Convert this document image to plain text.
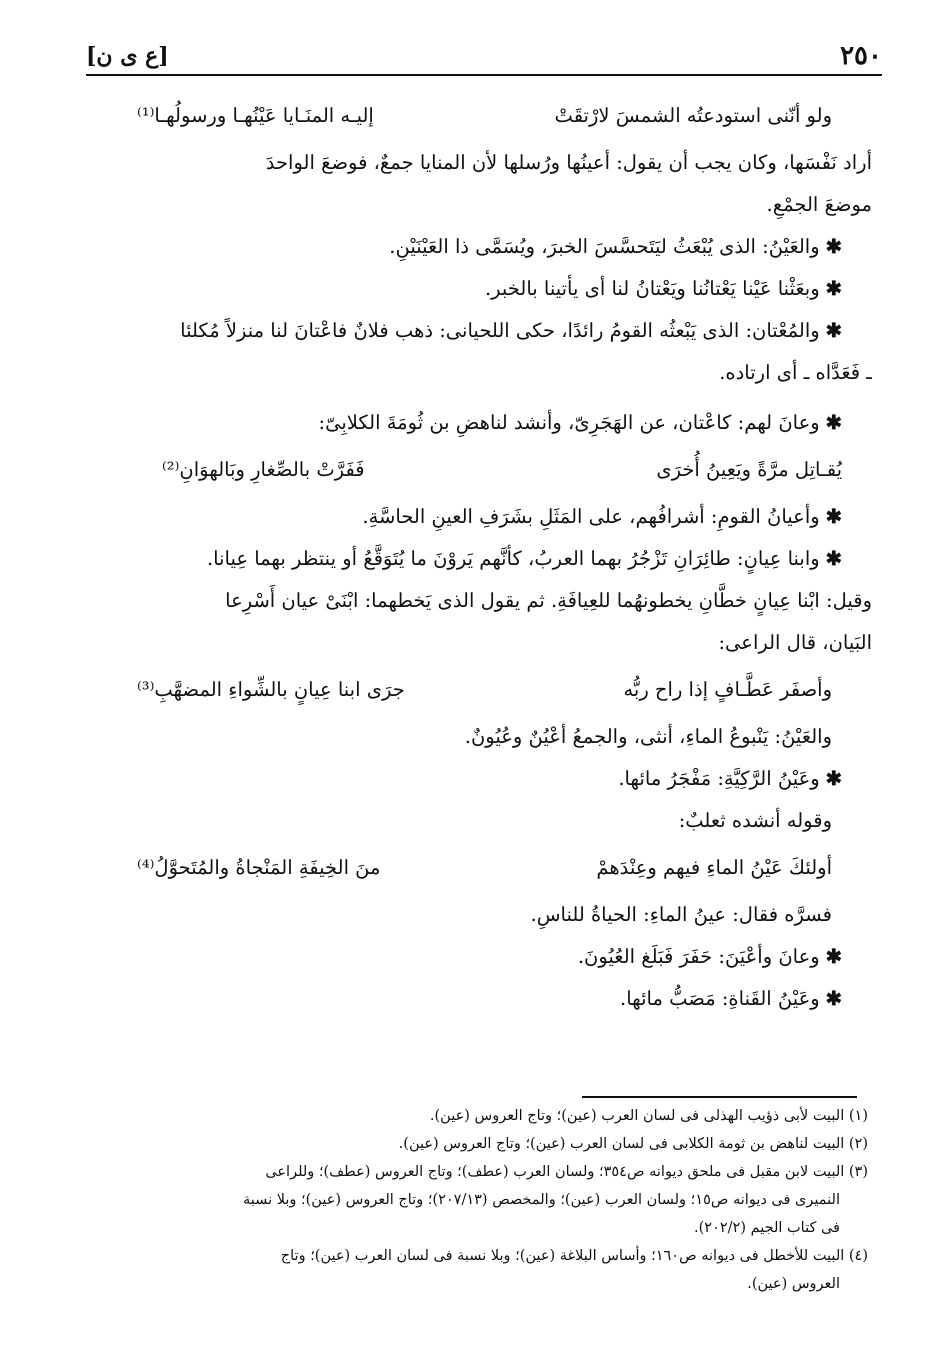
[ع ى ن]	٢٥٠
ولو أنّنى استودعتُه الشمسَ لارْتقَتْ
إليـه المنَـايا عَيْنُهـا ورسولُهـا⁽¹⁾
أراد نَفْسَها، وكان يجب أن يقول: أعينُها ورُسلها لأن المنايا جمعٌ، فوضعَ الواحدَ
موضعَ الجمْعِ.
✱
والعَيْنُ: الذى يُبْعَثُ ليَتَحسَّسَ الخبرَ، ويُسَمَّى ذا العَيْنَيْنِ.
✱
وبعَثْنا عَيْنا يَعْتانُنا ويَعْتانُ لنا أى يأتينا بالخبر.
✱
والمُعْتان: الذى يَبْعثُه القومُ رائدًا، حكى اللحيانى: ذهب فلانٌ فاعْتانَ لنا منزلاً مُكلئا
ـ فَعَدَّاه ـ أى ارتاده.
✱
وعانَ لهم: كاعْتان، عن الهَجَرِىّ، وأنشد لناهضِ بن ثُومَةَ الكلابِىّ:
يُقـاتِل مرَّةً ويَعِينُ أُخرَى
فَفَرَّتْ بالصِّغارِ وبَالهوَانِ⁽²⁾
✱
وأعيانُ القومِ: أشرافُهم، على المَثَلِ بشَرَفِ العينِ الحاسَّةِ.
✱
وابنا عِيانٍ: طائِرَانِ تَزْجُرُ بهما العربُ، كأنَّهم يَروْنَ ما يُتَوَقَّعُ أو ينتظر بهما عِيانا.
وقيل: ابْنا عِيانٍ خطَّانِ يخطونهُما للعِيافَةِ. ثم يقول الذى يَخطهما: ابْنَىْ عيان أَسْرِعا
البَيان، قال الراعى:
وأصفَر عَطَّـافٍ إذا راح ربُّه
جرَى ابنا عِيانٍ بالشِّواءِ المضهَّبِ⁽³⁾
والعَيْنُ: يَنْبوعُ الماءِ، أنثى، والجمعُ أعْيُنٌ وعُيُونٌ.
✱
وعَيْنُ الرَّكِيَّةِ: مَفْجَرُ مائها.
وقوله أنشده ثعلبٌ:
أولئكَ عَيْنُ الماءِ فيهم وعِنْدَهمْ
منَ الخِيفَةِ المَنْجاةُ والمُتَحوَّلُ⁽⁴⁾
فسرَّه فقال: عينُ الماءِ: الحياةُ للناسِ.
✱
وعانَ وأعْيَنَ: حَفَرَ فَبَلَغ العُيُونَ.
✱
وعَيْنُ القَناةِ: مَصَبُّ مائها.
(١) البيت لأبى ذؤيب الهذلى فى لسان العرب (عين)؛ وتاج العروس (عين).
(٢) البيت لناهض بن ثومة الكلابى فى لسان العرب (عين)؛ وتاج العروس (عين).
(٣) البيت لابن مقبل فى ملحق ديوانه ص٣٥٤؛ ولسان العرب (عطف)؛ وتاج العروس (عطف)؛ وللراعى
النميرى فى ديوانه ص١٥؛ ولسان العرب (عين)؛ والمخصص (٢٠٧/١٣)؛ وتاج العروس (عين)؛ وبلا نسبة
فى كتاب الجيم (٢٠٢/٢).
(٤) البيت للأخطل فى ديوانه ص١٦٠؛ وأساس البلاغة (عين)؛ وبلا نسبة فى لسان العرب (عين)؛ وتاج
العروس (عين).
